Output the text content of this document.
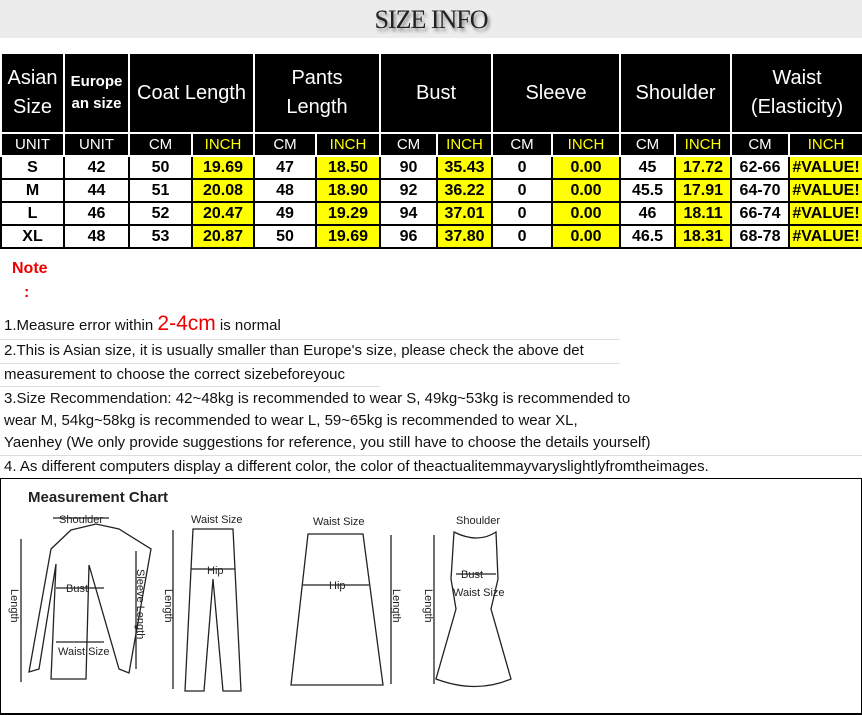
SIZE INFO
Asian Size	Europe an size	Coat Length		Pants Length		Bust		Sleeve		Shoulder		Waist (Elasticity)	
UNIT	UNIT	CM	INCH	CM	INCH	CM	INCH	CM	INCH	CM	INCH	CM	INCH
S	42	50	19.69	47	18.50	90	35.43	0	0.00	45	17.72	62-66	#VALUE!
M	44	51	20.08	48	18.90	92	36.22	0	0.00	45.5	17.91	64-70	#VALUE!
L	46	52	20.47	49	19.29	94	37.01	0	0.00	46	18.11	66-74	#VALUE!
XL	48	53	20.87	50	19.69	96	37.80	0	0.00	46.5	18.31	68-78	#VALUE!
Note
:
1.Measure error within 2-4cm is normal
2.This is Asian size, it is usually smaller than Europe's size, please check the above det
measurement to choose the correct sizebeforeyouc
3.Size Recommendation: 42~48kg is recommended to wear S, 49kg~53kg is recommended to
wear M, 54kg~58kg is recommended to wear L, 59~65kg is recommended to wear XL,
Yaenhey (We only provide suggestions for reference, you still have to choose the details yourself)
4. As different computers display a different color, the color of theactualitemmayvaryslightlyfromtheimages.
Measurement Chart
Shoulder
Bust
Waist Size
Length	Sleeve Length
Waist Size
Hip
Length
Waist Size
Hip
Length
Shoulder
Bust
Waist Size
Length
